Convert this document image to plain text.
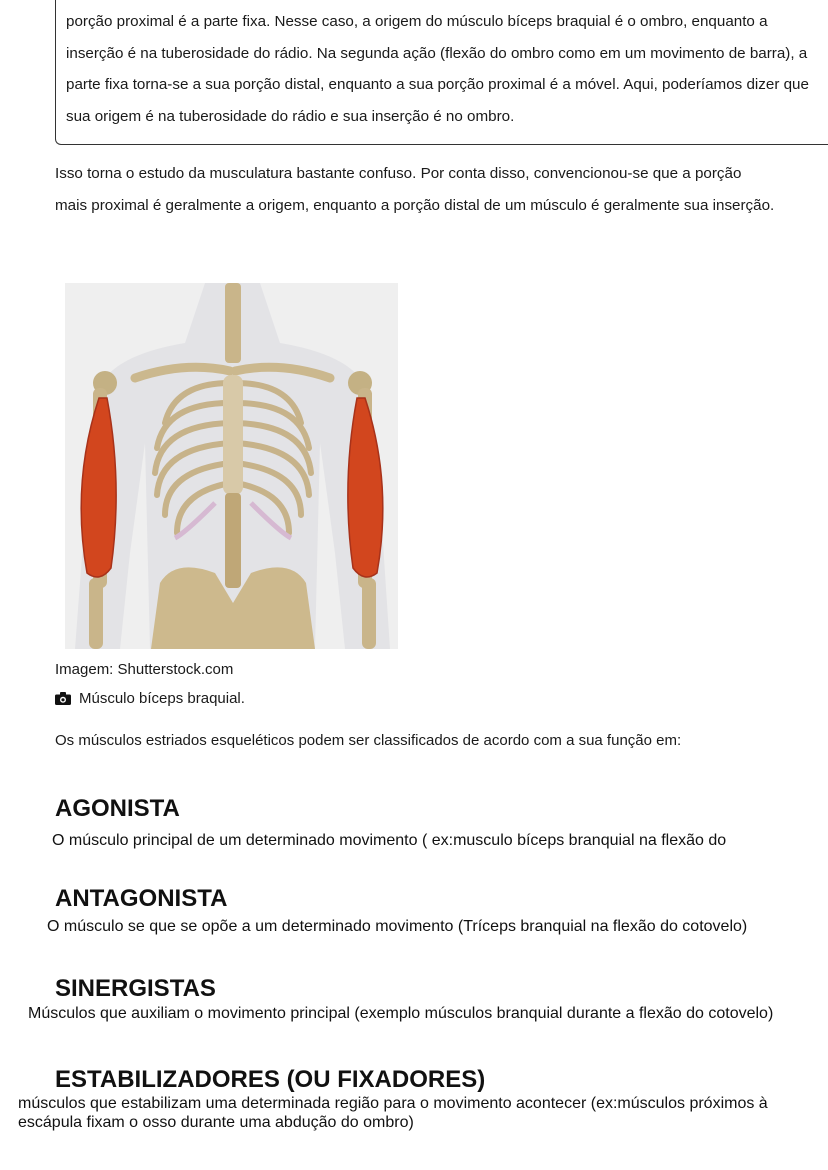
porção proximal é a parte fixa. Nesse caso, a origem do músculo bíceps braquial é o ombro, enquanto a inserção é na tuberosidade do rádio. Na segunda ação (flexão do ombro como em um movimento de barra), a parte fixa torna-se a sua porção distal, enquanto a sua porção proximal é a móvel. Aqui, poderíamos dizer que sua origem é na tuberosidade do rádio e sua inserção é no ombro.

Isso torna o estudo da musculatura bastante confuso. Por conta disso, convencionou-se que a porção mais proximal é geralmente a origem, enquanto a porção distal de um músculo é geralmente sua inserção.

Imagem: Shutterstock.com
Músculo bíceps braquial.
Os músculos estriados esqueléticos podem ser classificados de acordo com a sua função em:
AGONISTA

O músculo principal de um determinado movimento ( ex:musculo bíceps branquial na flexão do

ANTAGONISTA

O músculo se que se opõe a um determinado movimento (Tríceps branquial na flexão do cotovelo)

SINERGISTAS

Músculos que auxiliam o movimento principal (exemplo músculos branquial durante a flexão do cotovelo)

ESTABILIZADORES (OU FIXADORES)

músculos que estabilizam uma determinada região para o movimento acontecer (ex:músculos próximos à escápula fixam o osso durante uma abdução do ombro)
